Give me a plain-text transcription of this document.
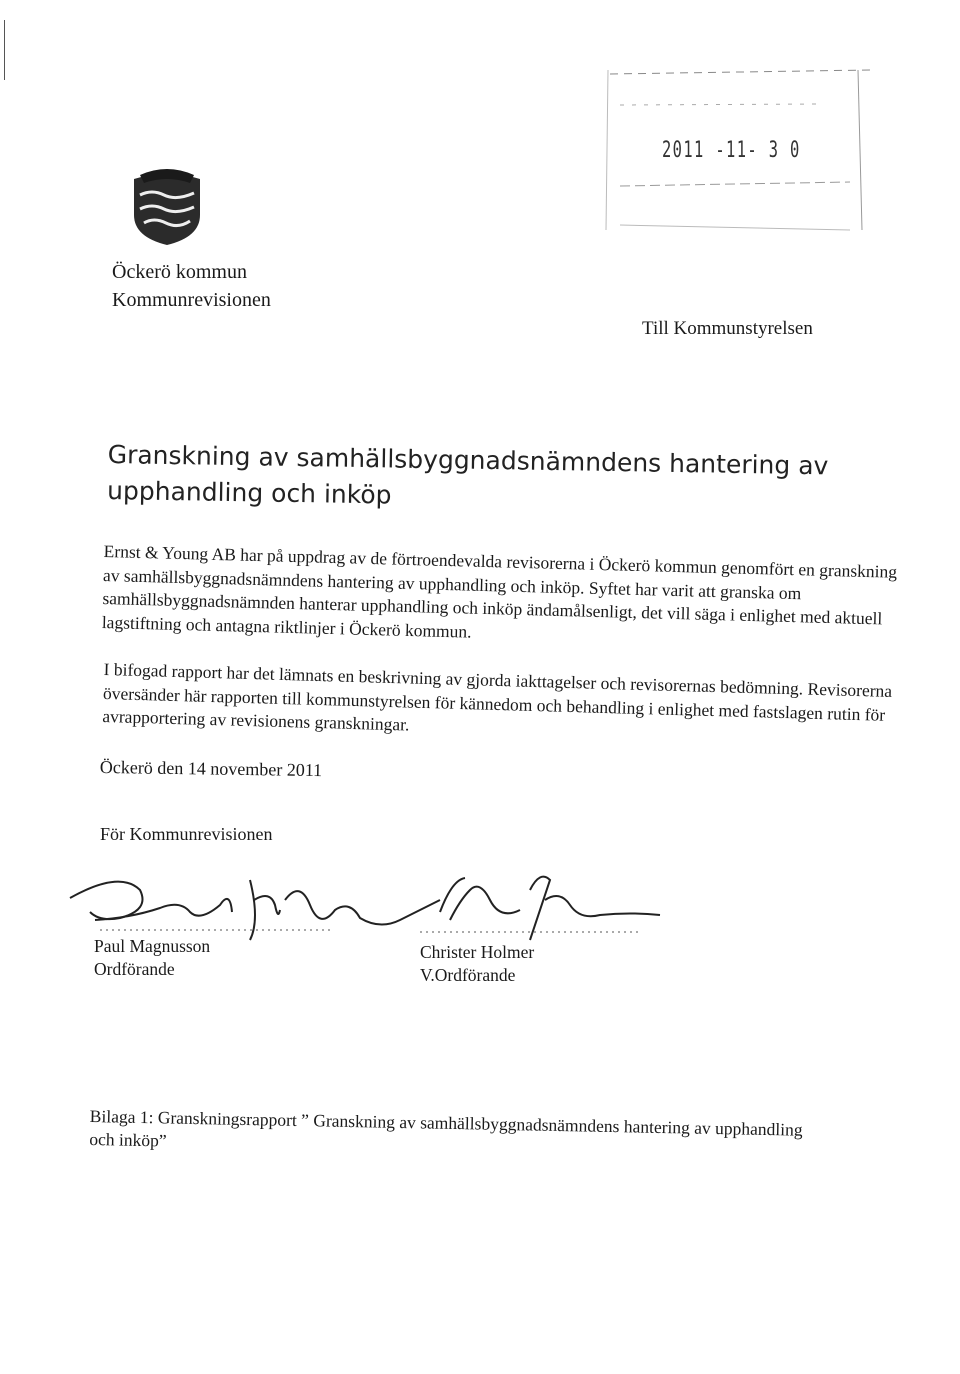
2011 -11- 3 0
Öckerö kommun
Kommunrevisionen
Till Kommunstyrelsen
Granskning av samhällsbyggnadsnämndens hantering av upphandling och inköp
Ernst & Young AB har på uppdrag av de förtroendevalda revisorerna i Öckerö kommun genomfört en granskning av samhällsbyggnadsnämndens hantering av upphandling och inköp. Syftet har varit att granska om samhällsbyggnadsnämnden hanterar upphandling och inköp ändamålsenligt, det vill säga i enlighet med aktuell lagstiftning och antagna riktlinjer i Öckerö kommun.
I bifogad rapport har det lämnats en beskrivning av gjorda iakttagelser och revisorernas bedömning. Revisorerna översänder här rapporten till kommunstyrelsen för kännedom och behandling i enlighet med fastslagen rutin för avrapportering av revisionens granskningar.
Öckerö den 14 november 2011
För Kommunrevisionen
Paul Magnusson
Ordförande
Christer Holmer
V.Ordförande
Bilaga 1: Granskningsrapport ” Granskning av samhällsbyggnadsnämndens hantering av upphandling och inköp”
